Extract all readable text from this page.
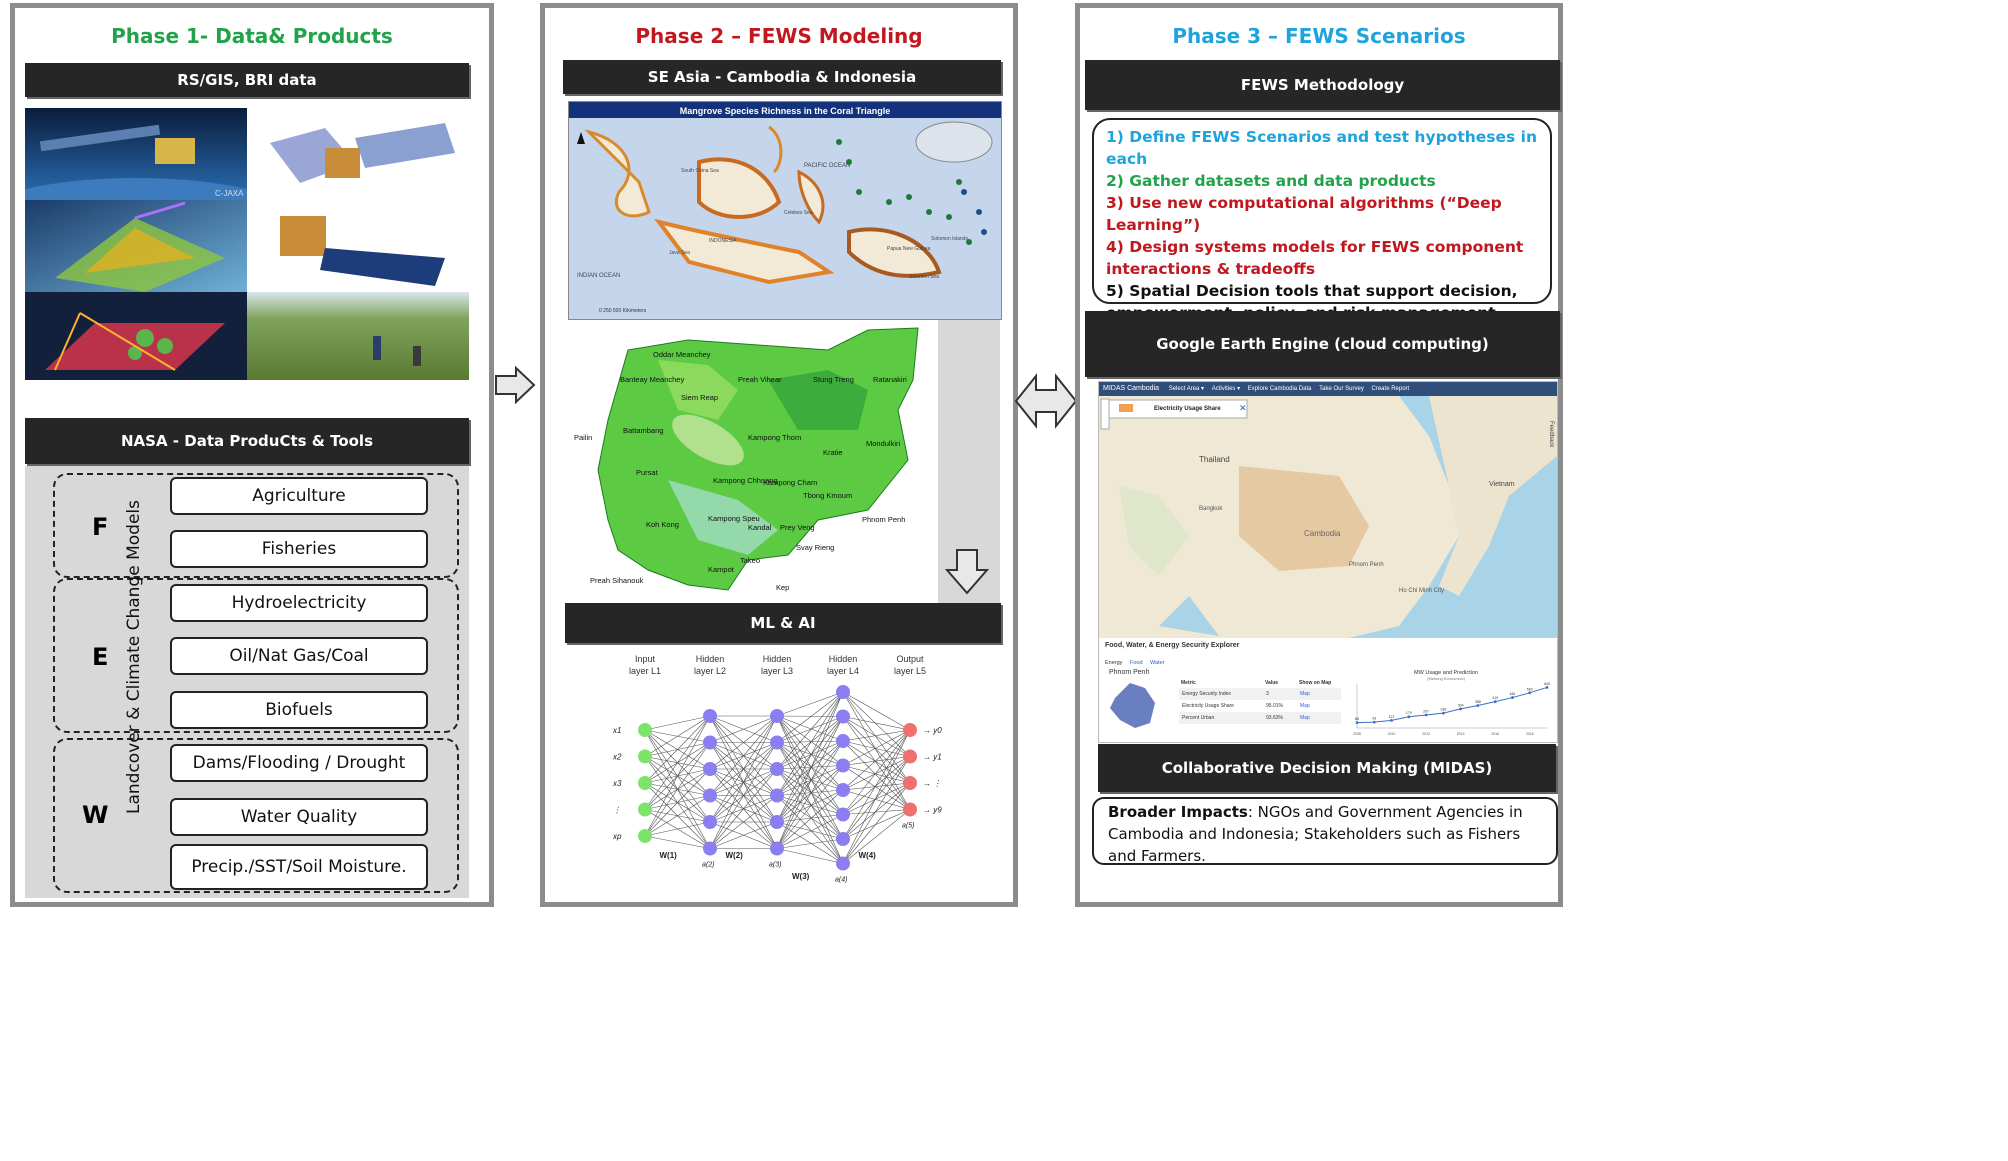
Phase 1- Data& Products
RS/GIS, BRI data
C-JAXA
NASA - Data ProduCts & Tools
F
E
W
Landcover & Climate Change Models
Agriculture
Fisheries
Hydroelectricity
Oil/Nat Gas/Coal
Biofuels
Dams/Flooding / Drought
Water Quality
Precip./SST/Soil Moisture.
Phase 2 – FEWS Modeling
SE Asia - Cambodia & Indonesia
Mangrove Species Richness in the Coral Triangle
PACIFIC OCEAN
INDIAN OCEAN
South China Sea
Java Sea
INDONESIA
Papua New Guinea
Solomon Islands
Celebes Sea
Solomon Sea
0 250 500 Kilometers
Oddar Meanchey
Banteay Meanchey
Siem Reap
Preah Vihear	Stung Treng	Ratanakiri
Pailin
Battambang
Kampong Thom
Kratie
Mondulkiri
Pursat
Kampong Chhnang
Kampong Cham
Tbong Kmoum
Koh Kong
Kampong Speu
Kandal Prey Veng
Phnom Penh
Svay Rieng
Takeo
Kampot
Preah Sihanouk
Kep
ML & AI
Input
layer L1
Hidden
layer L2
Hidden
layer L3
Hidden
layer L4
Output
layer L5
x1
x2
x3
⋮
xp
→ y0
→ y1
→ ⋮
→ y9
W(1)	W(2)
W(3)
W(4)
a(2)	a(3)
a(4)
a(5)
Phase 3 – FEWS Scenarios
FEWS Methodology
1) Define FEWS Scenarios and test hypotheses in each
2) Gather datasets and data products
3) Use new computational algorithms (“Deep Learning”)
4) Design systems models for FEWS component interactions & tradeoffs
5) Spatial Decision tools that support decision,
Google Earth Engine (cloud computing)
MIDAS Cambodia Select Area ▾ Activities ▾ Explore Cambodia Data Take Our Survey Create Report
Electricity Usage Share ✕
Thailand
Vietnam
Cambodia
Bangkok
Ho Chi Minh City
Phnom Penh
Feedback
Food, Water, & Energy Security Explorer
Energy Food Water
Phnom Penh
Metric	Value	Show on Map
Energy Security Index	3	Map
Electricity Usage Share	95.01%	Map
Percent Urban	93.63%	Map
MW Usage and Prediction
(Mekong Economics)
86
2008
93	121
2010
179	207
2012
236
304
2014
358
419
2016
484
560
2018
645
Collaborative Decision Making (MIDAS)
Broader Impacts: NGOs and Government Agencies in Cambodia and Indonesia; Stakeholders such as Fishers and Farmers.
